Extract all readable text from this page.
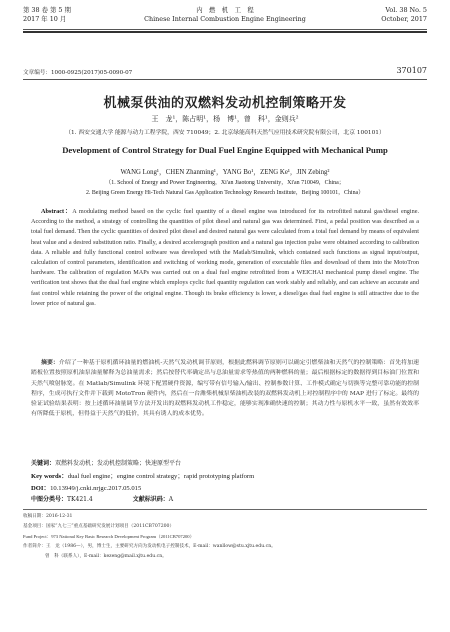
第 38 卷 第 5 期
2017 年 10 月
内　燃　机　工　程
Chinese Internal Combustion Engine Engineering
Vol. 38 No. 5
October, 2017
文章编号：1000-0925(2017)05-0090-07	370107
机械泵供油的双燃料发动机控制策略开发
王　龙¹，陈占明¹，杨　博¹，曾　科¹，金则兵²
（1. 西安交通大学 能源与动力工程学院，西安 710049；2. 北京绿能高科天然气应用技术研究院有限公司，北京 100101）
Development of Control Strategy for Dual Fuel Engine Equipped with Mechanical Pump
WANG Long¹，CHEN Zhanming¹，YANG Bo¹，ZENG Ke¹，JIN Zebing²
（1. School of Energy and Power Engineering，Xi'an Jiaotong University，Xi'an 710049，China；
2. Beijing Green Energy Hi-Tech Natural Gas Application Technology Research Institute，Beijing 100101，China）
Abstract：A modulating method based on the cyclic fuel quantity of a diesel engine was introduced for its retrofitted natural gas/diesel engine. According to the method, a strategy of controlling the quantities of pilot diesel and natural gas was determined. First, a pedal position was described as a total fuel demand. Then the cyclic quantities of desired pilot diesel and desired natural gas were calculated from a total fuel demand by means of equivalent heat value and a desired substitution ratio. Finally, a desired accelerograph position and a natural gas injection pulse were obtained according to calibration data. A reliable and fully functional control software was developed with the Matlab/Simulink, which contained such functions as signal input/output, calculation of control parameters, identification and switching of working mode, generation of executable files and download of them into the MotoTron hardware. The calibration of regulation MAPs was carried out on a dual fuel engine retrofitted from a WEICHAI mechanical pump diesel engine. The verification test shows that the dual fuel engine which employs cyclic fuel quantity regulation can work stably and reliably, and can achieve an accurate and fast control while retaining the power of the original engine. Though its brake efficiency is lower, a diesel/gas dual fuel engine is still attractive due to the lower price of natural gas.
摘要：介绍了一种基于原机循环油量的燃油机-天然气发动机调节原则，根据此燃料调节原则可以确定引燃柴油和天然气的控制策略：首先将加速踏板位置按照原机油泵油量解释为总油量需求；然后按替代率确定出与总油量需求等热值的两种燃料的量；最后根据标定的数据得到目标油门位置和天然气喷射脉宽。在 Matlab/Simulink 环境下配置硬件资源，编写带有信号输入/输出、控制参数计算、工作模式确定与切换等完整可靠功能的控制程序，生成可执行文件并下载到 MotoTron 硬件内，然后在一台潍柴机械泵柴油机改装的双燃料发动机上对控制程序中的 MAP 进行了标定。最终的验证试验结果表明：按上述循环油量调节方法开发出的双燃料发动机工作稳定，能够实现准确快速的控制；其动力性与原机水平一致，虽然有效效率有所降低于原机，但得益于天然气的低价，其具有诱人的成本优势。
关键词：双燃料发动机；发动机控制策略；快速原型平台
Key words：dual fuel engine；engine control strategy；rapid prototyping platform
DOI：10.13949/j.cnki.nrjgc.2017.05.015
中图分类号：TK421.4	文献标识码：A
收稿日期：2016-12-31
基金项目：国家“九七三”重点基础研究发展计划项目（2011CB707200）
Fund Project：973 National Key Basic Research Development Program（2011CB707200）
作者简介：王　龙（1986—），男，博士生，主要研究方向为发动机电子控制技术，E-mail：wanllow@stu.xjtu.edu.cn。
曾　科（联系人），E-mail：kezeng@mail.xjtu.edu.cn。
